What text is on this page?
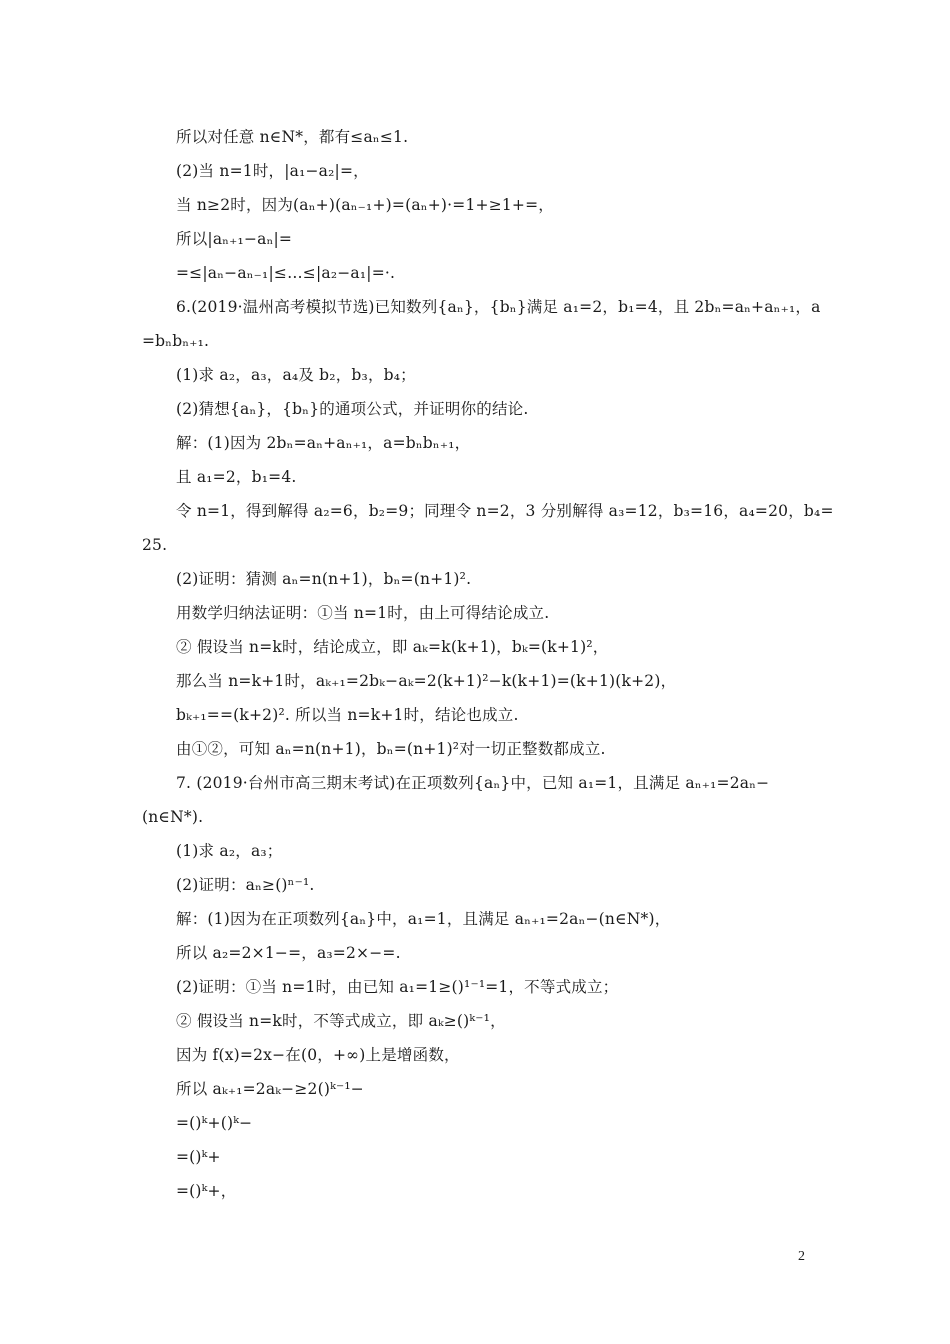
所以对任意 n∈N*，都有≤aₙ≤1.
(2)当 n=1时，|a₁−a₂|=，
当 n≥2时，因为(aₙ+)(aₙ₋₁+)=(aₙ+)·=1+≥1+=，
所以|aₙ₊₁−aₙ|=
=≤|aₙ−aₙ₋₁|≤…≤|a₂−a₁|=·.
6.(2019·温州高考模拟节选)已知数列{aₙ}，{bₙ}满足 a₁=2，b₁=4，且 2bₙ=aₙ+aₙ₊₁，a
=bₙbₙ₊₁.
(1)求 a₂，a₃，a₄及 b₂，b₃，b₄；
(2)猜想{aₙ}，{bₙ}的通项公式，并证明你的结论.
解：(1)因为 2bₙ=aₙ+aₙ₊₁，a=bₙbₙ₊₁，
且 a₁=2，b₁=4.
令 n=1，得到解得 a₂=6，b₂=9；同理令 n=2，3 分别解得 a₃=12，b₃=16，a₄=20，b₄=
25.
(2)证明：猜测 aₙ=n(n+1)，bₙ=(n+1)².
用数学归纳法证明：①当 n=1时，由上可得结论成立.
② 假设当 n=k时，结论成立，即 aₖ=k(k+1)，bₖ=(k+1)²，
那么当 n=k+1时，aₖ₊₁=2bₖ−aₖ=2(k+1)²−k(k+1)=(k+1)(k+2)，
bₖ₊₁==(k+2)². 所以当 n=k+1时，结论也成立.
由①②，可知 aₙ=n(n+1)，bₙ=(n+1)²对一切正整数都成立.
7. (2019·台州市高三期末考试)在正项数列{aₙ}中，已知 a₁=1，且满足 aₙ₊₁=2aₙ−
(n∈N*).
(1)求 a₂，a₃；
(2)证明：aₙ≥()ⁿ⁻¹.
解：(1)因为在正项数列{aₙ}中，a₁=1，且满足 aₙ₊₁=2aₙ−(n∈N*)，
所以 a₂=2×1−=，a₃=2×−=.
(2)证明：①当 n=1时，由已知 a₁=1≥()¹⁻¹=1，不等式成立；
② 假设当 n=k时，不等式成立，即 aₖ≥()ᵏ⁻¹，
因为 f(x)=2x−在(0，+∞)上是增函数，
所以 aₖ₊₁=2aₖ−≥2()ᵏ⁻¹−
=()ᵏ+()ᵏ−
=()ᵏ+
=()ᵏ+，
2
